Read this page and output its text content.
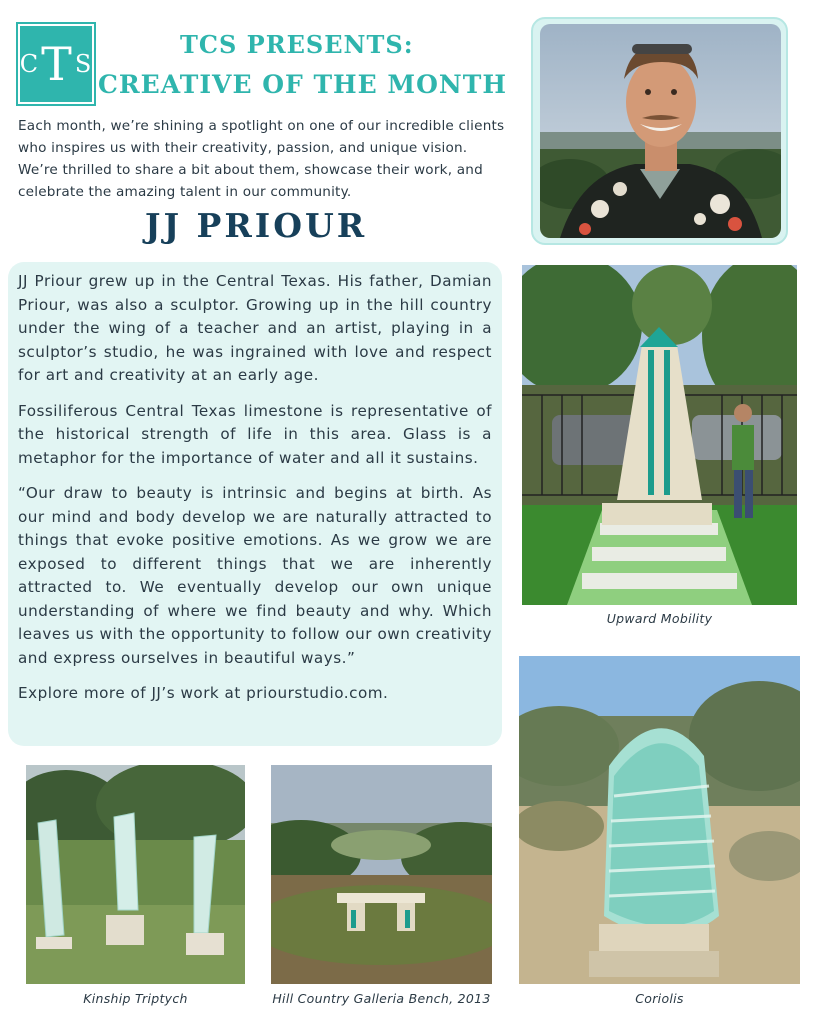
C T S
TCS PRESENTS:
CREATIVE OF THE MONTH
Each month, we’re shining a spotlight on one of our incredible clients who inspires us with their creativity, passion, and unique vision. We’re thrilled to share a bit about them, showcase their work, and celebrate the amazing talent in our community.
JJ PRIOUR

JJ Priour grew up in the Central Texas. His father, Damian Priour, was also a sculptor. Growing up in the hill country under the wing of a teacher and an artist, playing in a sculptor’s studio, he was ingrained with love and respect for art and creativity at an early age.

Fossiliferous Central Texas limestone is representative of the historical strength of life in this area. Glass is a metaphor for the importance of water and all it sustains.

“Our draw to beauty is intrinsic and begins at birth. As our mind and body develop we are naturally attracted to things that evoke positive emotions. As we grow we are exposed to different things that we are inherently attracted to. We eventually develop our own unique understanding of where we find beauty and why. Which leaves us with the opportunity to follow our own creativity and express ourselves in beautiful ways.”

Explore more of JJ’s work at priourstudio.com.

Upward Mobility
Coriolis
Kinship Triptych	Hill Country Galleria Bench, 2013
